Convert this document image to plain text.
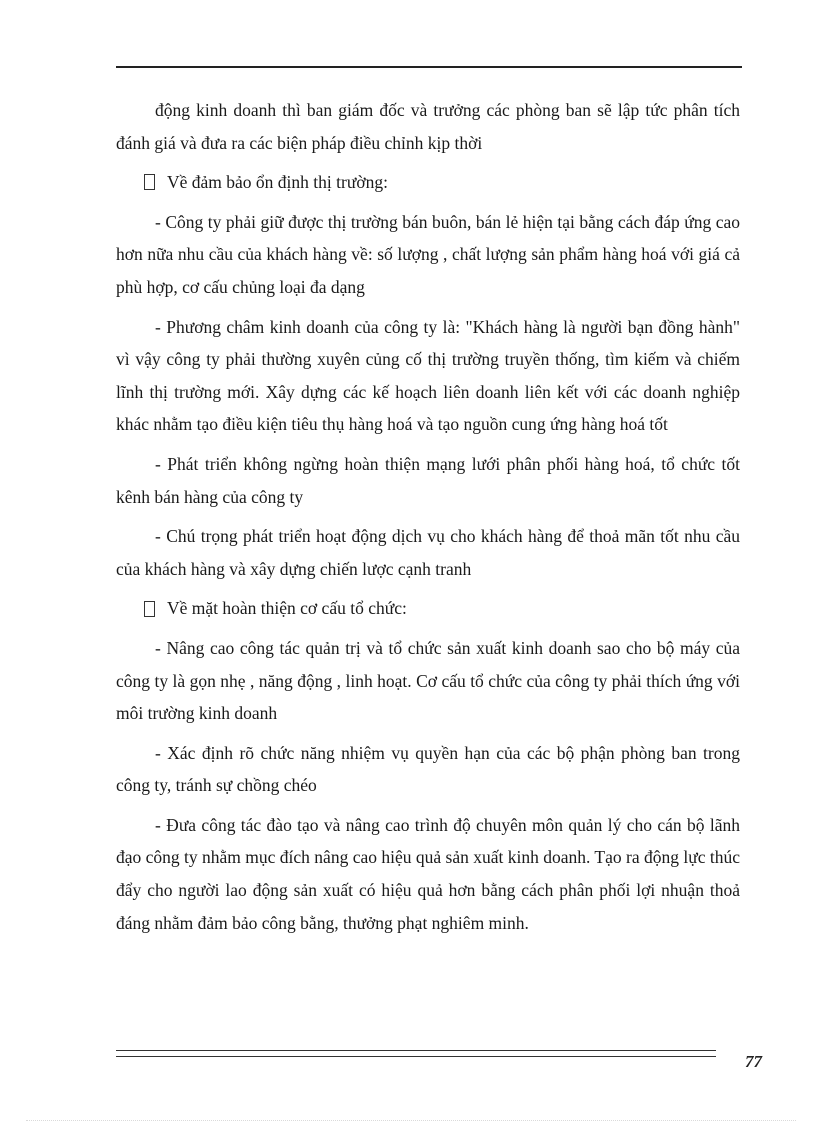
động kinh doanh thì ban giám đốc và trưởng các phòng ban sẽ lập tức phân tích đánh giá và đưa ra các biện pháp điều chỉnh kịp thời

Về đảm bảo ổn định thị trường:

- Công ty phải giữ được thị trường bán buôn, bán lẻ hiện tại bằng cách đáp ứng cao hơn nữa nhu cầu của khách hàng về: số lượng , chất lượng sản phẩm hàng hoá với giá cả phù hợp, cơ cấu chủng loại đa dạng

- Phương châm kinh doanh của công ty là: "Khách hàng là người bạn đồng hành" vì vậy công ty phải thường xuyên củng cố thị trường truyền thống, tìm kiếm và chiếm lĩnh thị trường mới. Xây dựng các kế hoạch liên doanh liên kết với các doanh nghiệp khác nhằm tạo điều kiện tiêu thụ hàng hoá và tạo nguồn cung ứng hàng hoá tốt

- Phát triển không ngừng hoàn thiện mạng lưới phân phối hàng hoá, tổ chức tốt kênh bán hàng của công ty

- Chú trọng phát triển hoạt động dịch vụ cho khách hàng để thoả mãn tốt nhu cầu của khách hàng và xây dựng chiến lược cạnh tranh

Về mặt hoàn thiện cơ cấu tổ chức:

- Nâng cao công tác quản trị và tổ chức sản xuất kinh doanh sao cho bộ máy của công ty là gọn nhẹ , năng động , linh hoạt. Cơ cấu tổ chức của công ty phải thích ứng với môi trường kinh doanh

- Xác định rõ chức năng nhiệm vụ quyền hạn của các bộ phận phòng ban trong công ty, tránh sự chồng chéo

- Đưa công tác đào tạo và nâng cao trình độ chuyên môn quản lý cho cán bộ lãnh đạo công ty nhằm mục đích nâng cao hiệu quả sản xuất kinh doanh. Tạo ra động lực thúc đẩy cho người lao động sản xuất có hiệu quả hơn bằng cách phân phối lợi nhuận thoả đáng nhằm đảm bảo công bằng, thưởng phạt nghiêm minh.

77
